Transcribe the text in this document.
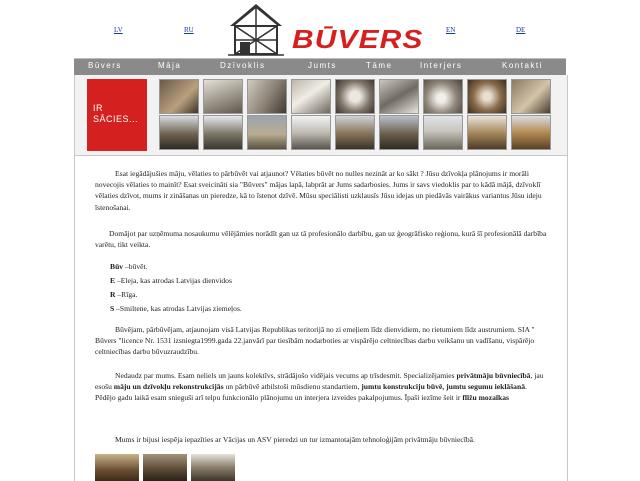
LV	RU	EN	DE
BŪVERS
Būvers	Māja	Dzīvoklis	Jumts	Tāme	Interjers	Kontakti
IR
SĀCIES...
Esat iegādājušies māju, vēlaties to pārbūvēt vai atjaunot? Vēlaties būvēt no nulles nezināt ar ko sākt ? Jūsu dzīvokļa plānojums ir morāli novecojis vēlaties to mainīt? Esat sveicināti sia "Būvers" mājas lapā, labprāt ar Jums sadarbosies. Jums ir savs viedoklis par to kādā mājā, dzīvoklī vēlaties dzīvot, mums ir zināšanas un pieredze, kā to īstenot dzīvē. Mūsu speciālisti uzklausīs Jūsu idejas un piedāvās vairākus variantus Jūsu ideju īstenošanai.
Domājot par uzņēmuma nosaukumu vēlējāmies norādīt gan uz tā profesionālo darbību, gan uz ģeogrāfisko reģionu, kurā šī profesionālā darbība varētu, tikt veikta.
Būv –būvēt.
E –Eleja, kas atrodas Latvijas dienvidos
R –Rīga.
S –Smiltene, kas atrodas Latvijas ziemeļos.
Būvējam, pārbūvējam, atjaunojam visā Latvijas Republikas teritorijā no zi emeļiem līdz dienvidiem, no rietumiem līdz austrumiem. SIA " Būvers "licence Nr. 1531 izsniegta1999.gada 22.janvārī par tiesībām nodarboties ar vispārējo celtniecības darbu veikšanu un vadīšanu, vispārējo celtniecības darbu būvuzraudzību.
Nedaudz par mums. Esam neliels un jauns kolektīvs, strādājošo vidējais vecums ap trīsdesmit. Specializējamies privātmāju būvniecībā, jau esošu māju un dzīvokļu rekonstrukcijās un pārbūvē atbilstoši mūsdienu standartiem, jumtu konstrukciju būvē, jumtu segumu ieklāšanā. Pēdējo gadu laikā esam snieguši arī telpu funkcionālo plānojumu un interjera izveides pakalpojumus. Īpaši iezīme šeit ir flīžu mozaīkas
Mums ir bijusi iespēja iepazīties ar Vācijas un ASV pieredzi un tur izmantotajām tehnoloģijām privātmāju būvniecībā.
